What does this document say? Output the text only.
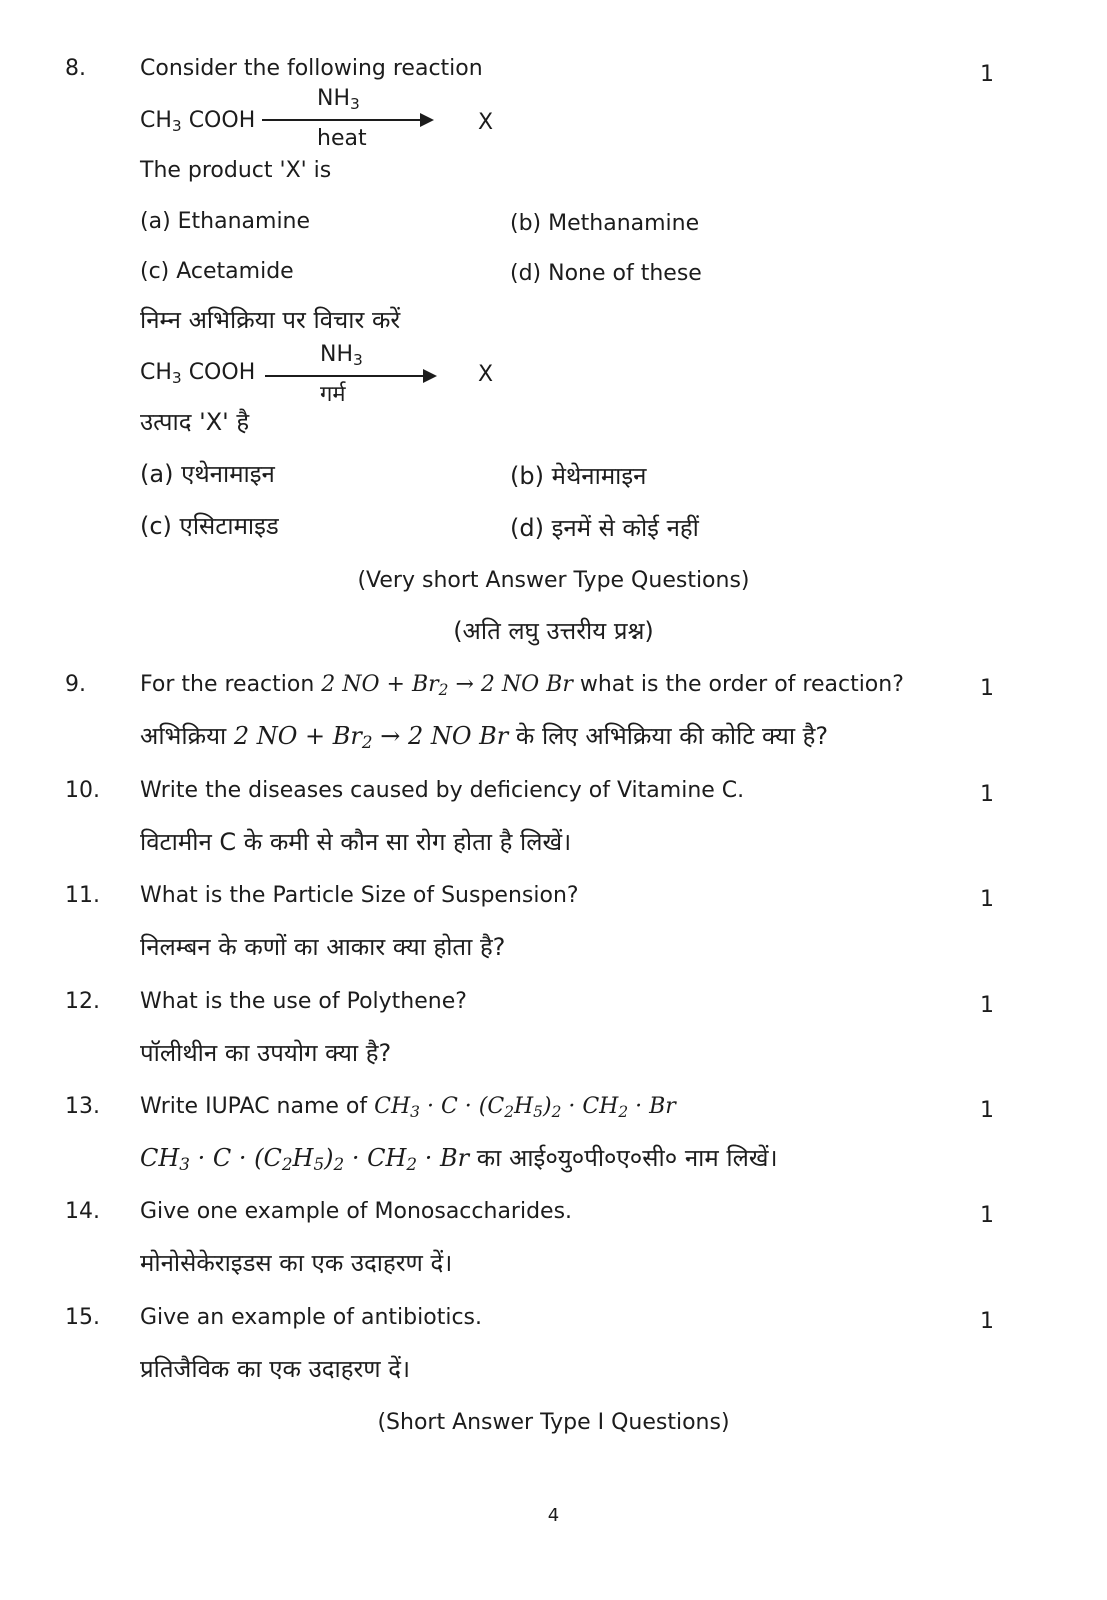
8. Consider the following reaction	1
$CH_3$ COOH
$NH_3$
heat
X
The product 'X' is
(a) Ethanamine	(b) Methanamine
(c) Acetamide	(d) None of these
निम्न अभिक्रिया पर विचार करें
$CH_3$ COOH
$NH_3$
गर्म
X
उत्पाद 'X' है
(a) एथेनामाइन	(b) मेथेनामाइन
(c) एसिटामाइड	(d) इनमें से कोई नहीं
(Very short Answer Type Questions)
(अति लघु उत्तरीय प्रश्न)
9. For the reaction 2 NO + $Br_2 \to 2$ NO Br what is the order of reaction?	1
अभिक्रिया 2 NO + $Br_2 \to 2$ NO Br के लिए अभिक्रिया की कोटि क्या है?
10. Write the diseases caused by deficiency of Vitamine C.	1
विटामीन C के कमी से कौन सा रोग होता है लिखें।
11. What is the Particle Size of Suspension?	1
निलम्बन के कणों का आकार क्या होता है?
12. What is the use of Polythene?	1
पॉलीथीन का उपयोग क्या है?
13. Write IUPAC name of $CH_3 \cdot C \cdot (C_2H_5)_2 \cdot CH_2 \cdot Br$	1
$CH_3 \cdot C \cdot (C_2H_5)_2 \cdot CH_2 \cdot Br$ का आई०यु०पी०ए०सी० नाम लिखें।
14. Give one example of Monosaccharides.	1
मोनोसेकेराइडस का एक उदाहरण दें।
15. Give an example of antibiotics.	1
प्रतिजैविक का एक उदाहरण दें।
(Short Answer Type I Questions)
4
